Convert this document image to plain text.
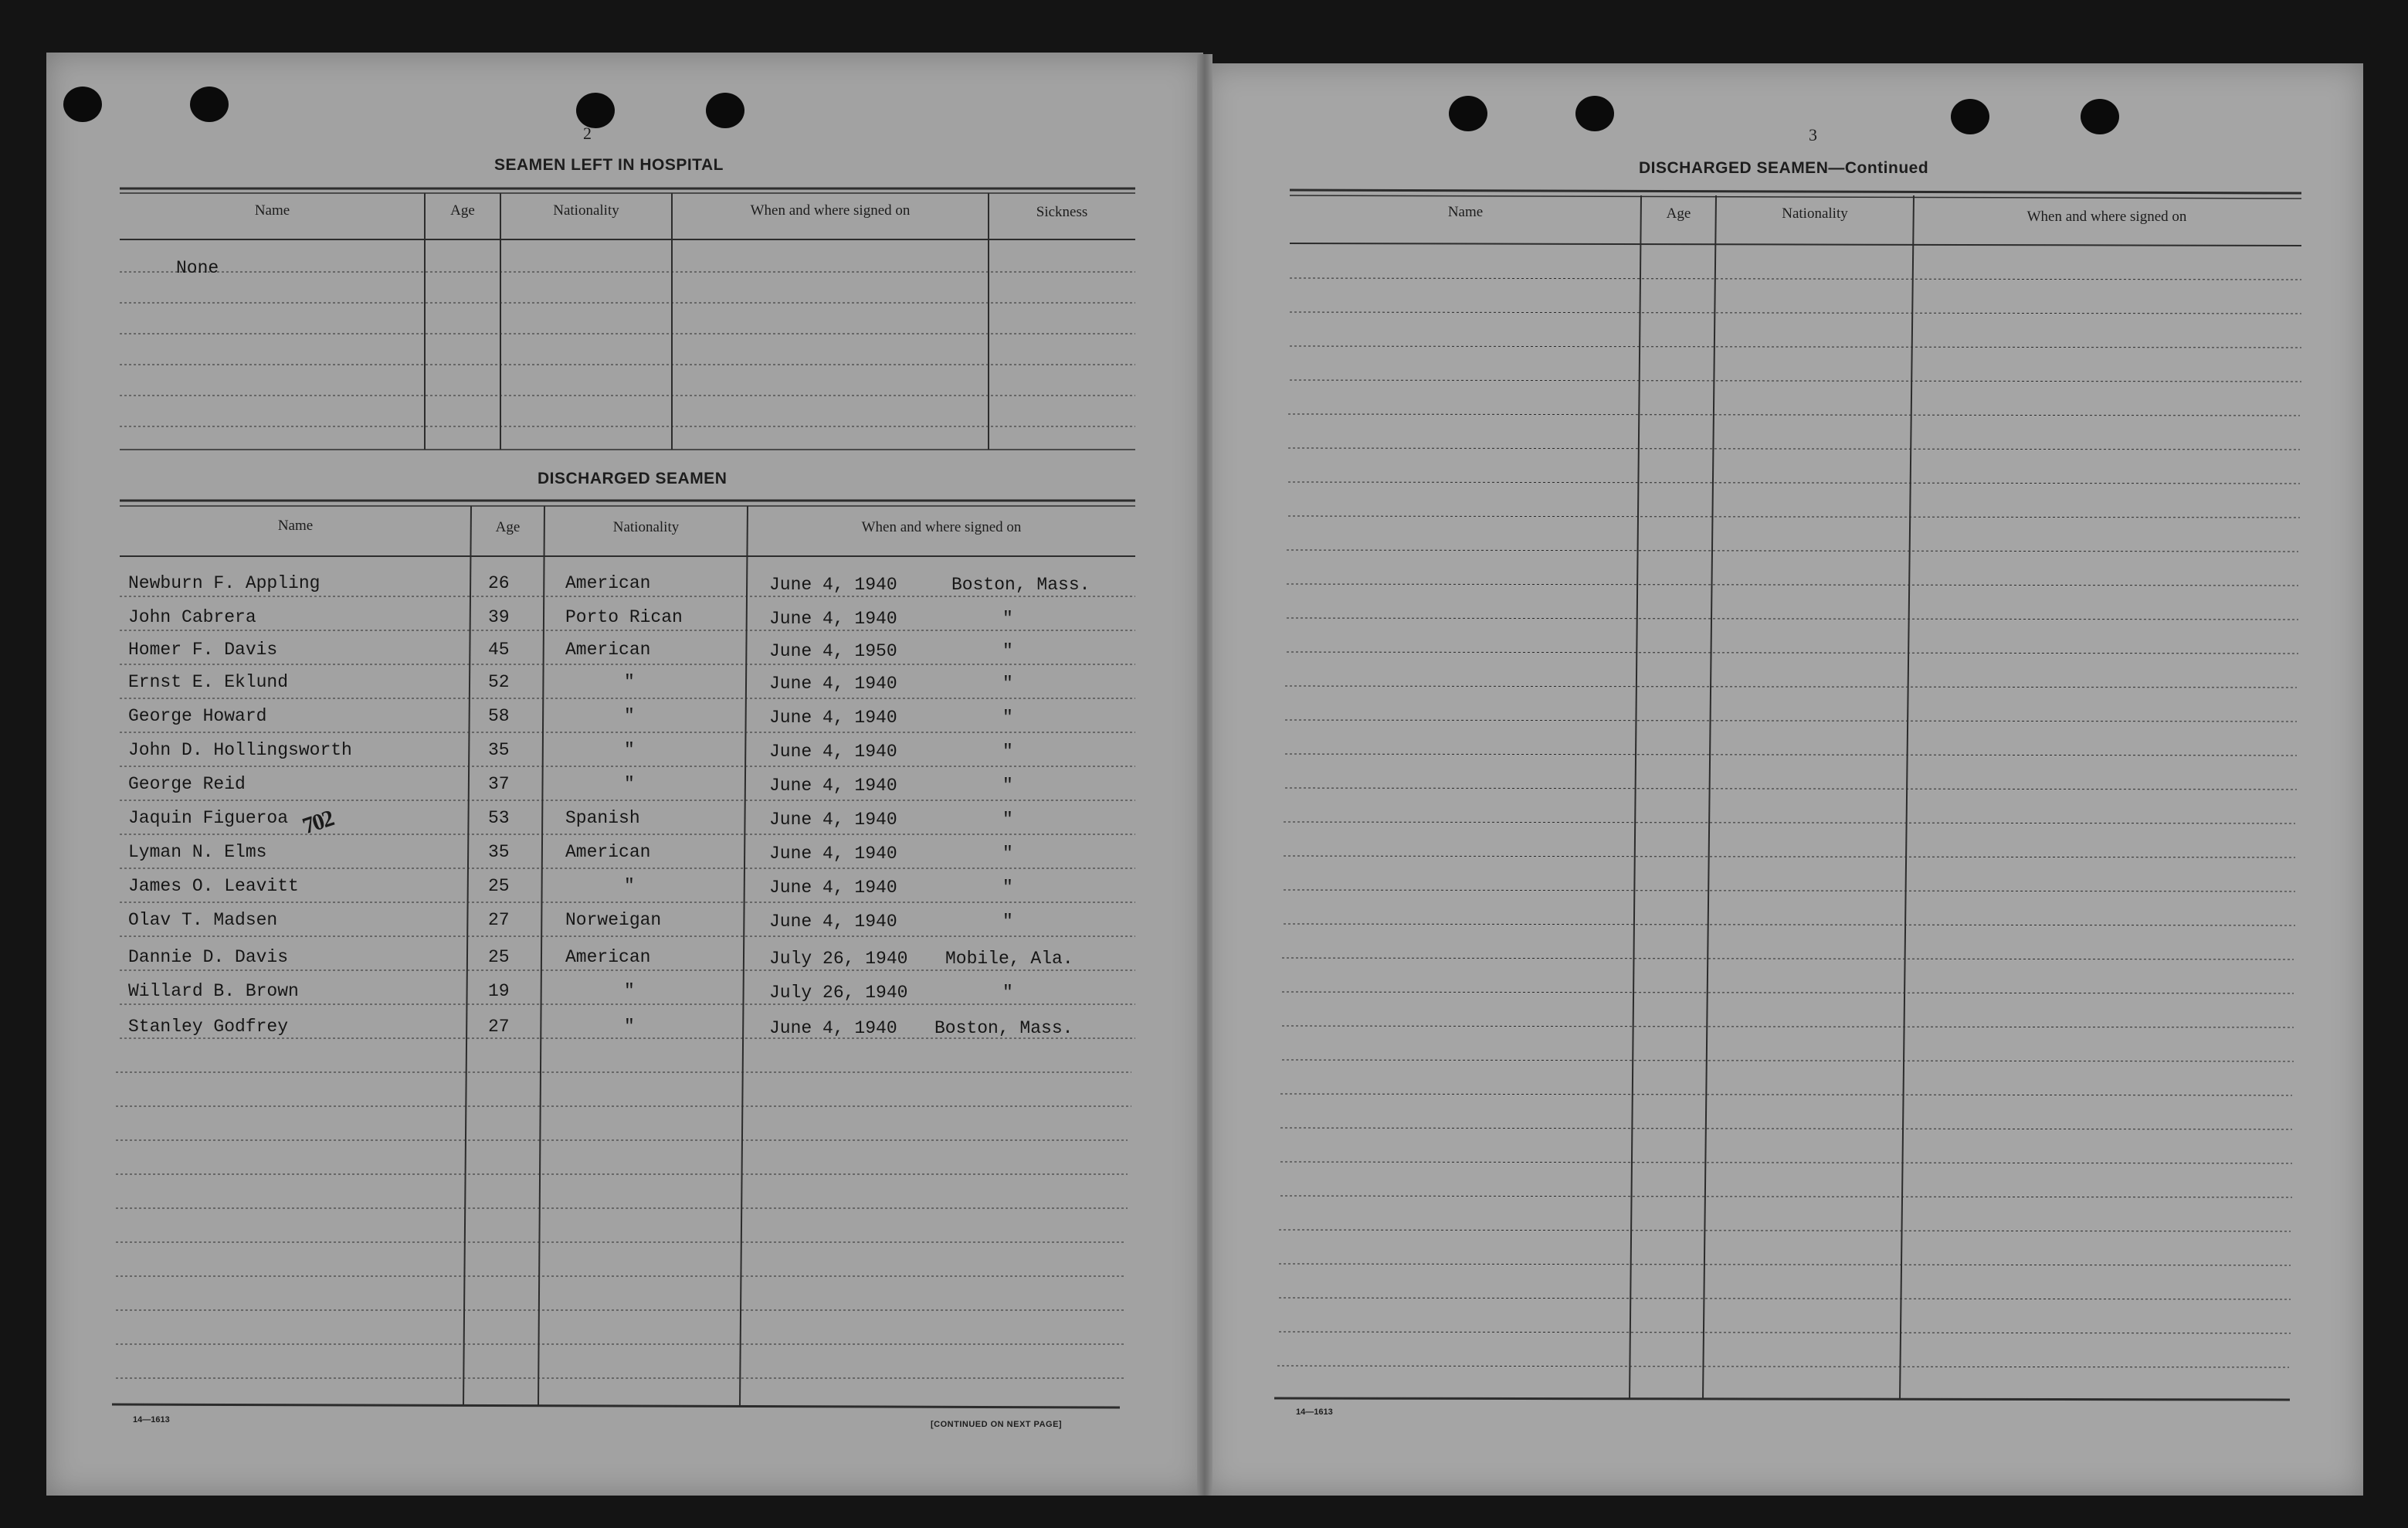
2
SEAMEN LEFT IN HOSPITAL
Name	Age	Nationality	When and where signed on	Sickness
None
DISCHARGED SEAMEN
Name	Age	Nationality	When and where signed on
Newburn F. Appling	26	American	June 4, 1940	Boston, Mass.
John Cabrera	39	Porto Rican	June 4, 1940	"
Homer F. Davis	45	American	June 4, 1950	"
Ernst E. Eklund	52	"	June 4, 1940	"
George Howard	58	"	June 4, 1940	"
John D. Hollingsworth	35	"	June 4, 1940	"
George Reid	37	"	June 4, 1940	"
Jaquin Figueroa	53	Spanish	June 4, 1940	"
Lyman N. Elms	35	American	June 4, 1940	"
James O. Leavitt	25	"	June 4, 1940	"
Olav T. Madsen	27	Norweigan	June 4, 1940	"
Dannie D. Davis	25	American	July 26, 1940 Mobile, Ala.
Willard B. Brown	19	"	July 26, 1940	"
Stanley Godfrey	27	"	June 4, 1940 Boston, Mass.
702
14—1613	[CONTINUED ON NEXT PAGE]
3
DISCHARGED SEAMEN—Continued
Name	Age	Nationality	When and where signed on
14—1613
